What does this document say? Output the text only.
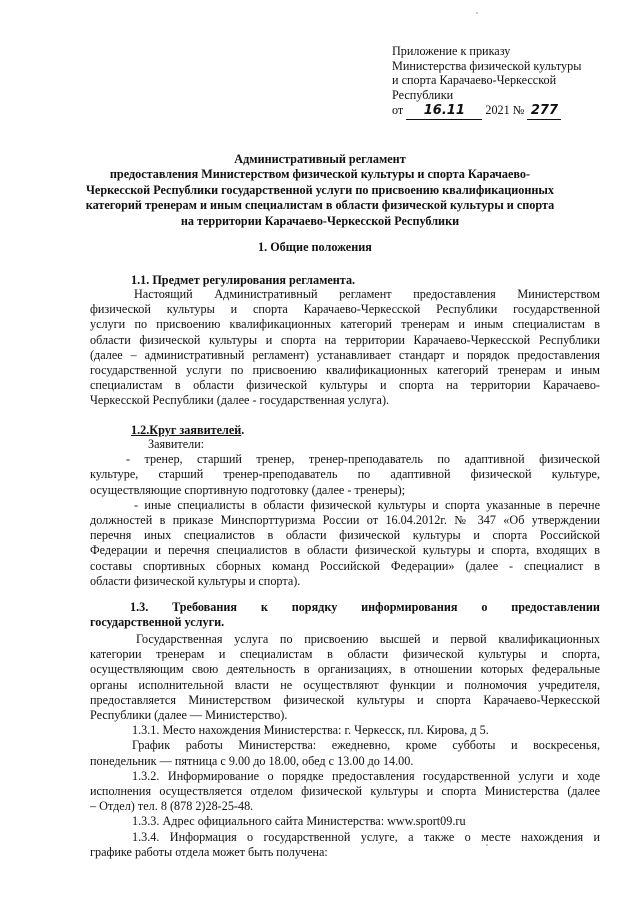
Приложение к приказу
Министерства физической культуры
и спорта Карачаево-Черкесской
Республики
от 16.11 2021 № 277
Административный регламент
предоставления Министерством физической культуры и спорта Карачаево-
Черкесской Республики государственной услуги по присвоению квалификационных
категорий тренерам и иным специалистам в области физической культуры и спорта
на территории Карачаево-Черкесской Республики
1. Общие положения
1.1. Предмет регулирования регламента.
Настоящий Административный регламент предоставления Министерством
физической культуры и спорта Карачаево-Черкесской Республики государственной
услуги по присвоению квалификационных категорий тренерам и иным специалистам в
области физической культуры и спорта на территории Карачаево-Черкесской Республики
(далее – административный регламент) устанавливает стандарт и порядок предоставления
государственной услуги по присвоению квалификационных категорий тренерам и иным
специалистам в области физической культуры и спорта на территории Карачаево-
Черкесской Республики (далее - государственная услуга).
1.2.Круг заявителей.
Заявители:
- тренер, старший тренер, тренер-преподаватель по адаптивной физической
культуре, старший тренер-преподаватель по адаптивной физической культуре,
осуществляющие спортивную подготовку (далее - тренеры);
- иные специалисты в области физической культуры и спорта указанные в перечне
должностей в приказе Минспорттуризма России от 16.04.2012г. № 347 «Об утверждении
перечня иных специалистов в области физической культуры и спорта Российской
Федерации и перечня специалистов в области физической культуры и спорта, входящих в
составы спортивных сборных команд Российской Федерации» (далее - специалист в
области физической культуры и спорта).
1.3. Требования к порядку информирования о предоставлении
государственной услуги.
Государственная услуга по присвоению высшей и первой квалификационных
категории тренерам и специалистам в области физической культуры и спорта,
осуществляющим свою деятельность в организациях, в отношении которых федеральные
органы исполнительной власти не осуществляют функции и полномочия учредителя,
предоставляется Министерством физической культуры и спорта Карачаево-Черкесской
Республики (далее — Министерство).
1.3.1. Место нахождения Министерства: г. Черкесск, пл. Кирова, д 5.
График работы Министерства: ежедневно, кроме субботы и воскресенья,
понедельник — пятница с 9.00 до 18.00, обед с 13.00 до 14.00.
1.3.2. Информирование о порядке предоставления государственной услуги и ходе
исполнения осуществляется отделом физической культуры и спорта Министерства (далее
– Отдел) тел. 8 (878 2)28-25-48.
1.3.3. Адрес официального сайта Министерства: www.sport09.ru
1.3.4. Информация о государственной услуге, а также о месте нахождения и
графике работы отдела может быть получена:
